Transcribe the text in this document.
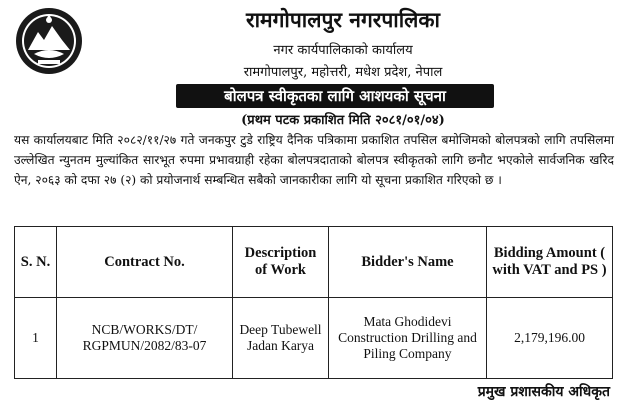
रामगोपालपुर नगरपालिका
नगर कार्यपालिकाको कार्यालय
रामगोपालपुर, महोत्तरी, मधेश प्रदेश, नेपाल
बोलपत्र स्वीकृतका लागि आशयको सूचना
(प्रथम पटक प्रकाशित मिति २०८१/०१/०४)
यस कार्यालयबाट मिति २०८२/११/२७ गते जनकपुर टुडे राष्ट्रिय दैनिक पत्रिकामा प्रकाशित तपसिल बमोजिमको बोलपत्रको लागि तपसिलमा उल्लेखित न्युनतम मुल्यांकित सारभूत रुपमा प्रभावग्राही रहेका बोलपत्रदाताको बोलपत्र स्वीकृतको लागि छनौट भएकोले सार्वजनिक खरिद ऐन, २०६३ को दफा २७ (२) को प्रयोजनार्थ सम्बन्धित सबैको जानकारीका लागि यो सूचना प्रकाशित गरिएको छ ।
S. N.	Contract No.	Description of Work	Bidder's Name	Bidding Amount ( with VAT and PS )
1	NCB/WORKS/DT/ RGPMUN/2082/83-07	Deep Tubewell Jadan Karya	Mata Ghodidevi Construction Drilling and Piling Company	2,179,196.00
प्रमुख प्रशासकीय अधिकृत
